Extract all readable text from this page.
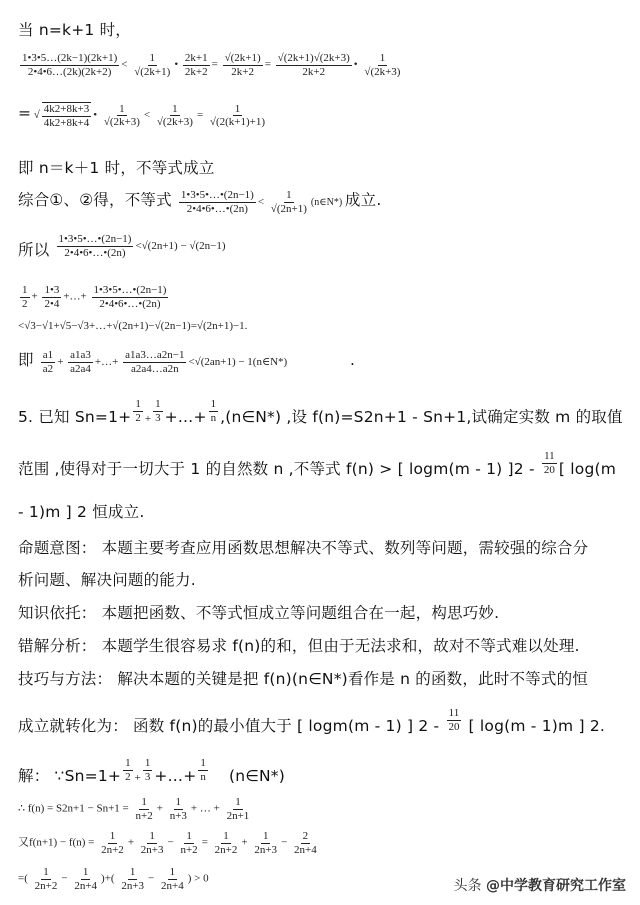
当 n=k+1 时，
$\frac{1•3•5\dots(2k-1)(2k+1)}{2•4•6\dots(2k)(2k+2)} < \frac{1}{√(2k+1)}$ • $\frac{2k+1}{2k+2} = \frac{√(2k+1)}{2k+2} = \frac{√(2k+1)√(2k+3)}{2k+2}$ • $\frac{1}{√(2k+3)}$
= √ $\frac{4k2+8k+3}{4k2+8k+4}$ • $\frac{1}{√(2k+3)} < \frac{1}{√(2k+3)} = \frac{1}{√(2(k+1)+1)}$
即 n＝k＋1 时，不等式成立
综合①、②得，不等式 $\frac{1•3•5•\dots•(2n-1)}{2•4•6•\dots•(2n)} < \frac{1}{√(2n+1)}$ (n∈N*) 成立.
所以 $^{\frac{1•3•5•\dots•(2n-1)}{2•4•6•\dots•(2n)} <√(2n+1) - √(2n-1)}$
$\frac{1}{2} + \frac{1•3}{2•4}$ +…+ $\frac{1•3•5•\dots•(2n-1)}{2•4•6•\dots•(2n)}$
<√3−√1+√5−√3+…+√(2n+1)−√(2n−1)=√(2n+1)−1.
即 $\frac{a1}{a2} + \frac{a1a3}{a2a4}$ +…+ $\frac{a1a3\dots a2n-1}{a2a4\dots a2n} <√(2an+1)$ − 1(n∈N*)	.
5. 已知 $Sn=1+ \frac{1}{2} + \frac{1}{3}$ +…+ $\frac{1}{n}$ ,(n∈N*) ,设 f(n)=S2n+1 - Sn+1,试确定实数 m 的取值
范围 ,使得对于一切大于 1 的自然数 n ,不等式 f(n) > [ logm(m - 1) ]$2 - \frac{11}{20}$ [ log(m
- 1)m ] 2 恒成立.
命题意图： 本题主要考查应用函数思想解决不等式、数列等问题，需较强的综合分
析问题、解决问题的能力.
知识依托： 本题把函数、不等式恒成立等问题组合在一起，构思巧妙.
错解分析： 本题学生很容易求 f(n)的和，但由于无法求和，故对不等式难以处理.
技巧与方法： 解决本题的关键是把 f(n)(n∈N*)看作是 n 的函数，此时不等式的恒
成立就转化为： 函数 f(n)的最小值大于 [ logm(m - 1) ] $2 - \frac{11}{20}$ [ log(m - 1)m ] 2.
解： ∵Sn=1+ $\frac{1}{2} + \frac{1}{3}$ +…+ $\frac{1}{n}$ (n∈N*)
∴ $f(n) = S2n+1 - Sn+1 = \frac{1}{n+2} + \frac{1}{n+3}$ + … + $\frac{1}{2n+1}$
又$f(n+1) - f(n) = \frac{1}{2n+2} + \frac{1}{2n+3} - \frac{1}{n+2} = \frac{1}{2n+2} + \frac{1}{2n+3} - \frac{2}{2n+4}$
=( $\frac{1}{2n+2} - \frac{1}{2n+4}$ )+( $\frac{1}{2n+3} - \frac{1}{2n+4}$ ) > 0	头条 @中学教育研究工作室
